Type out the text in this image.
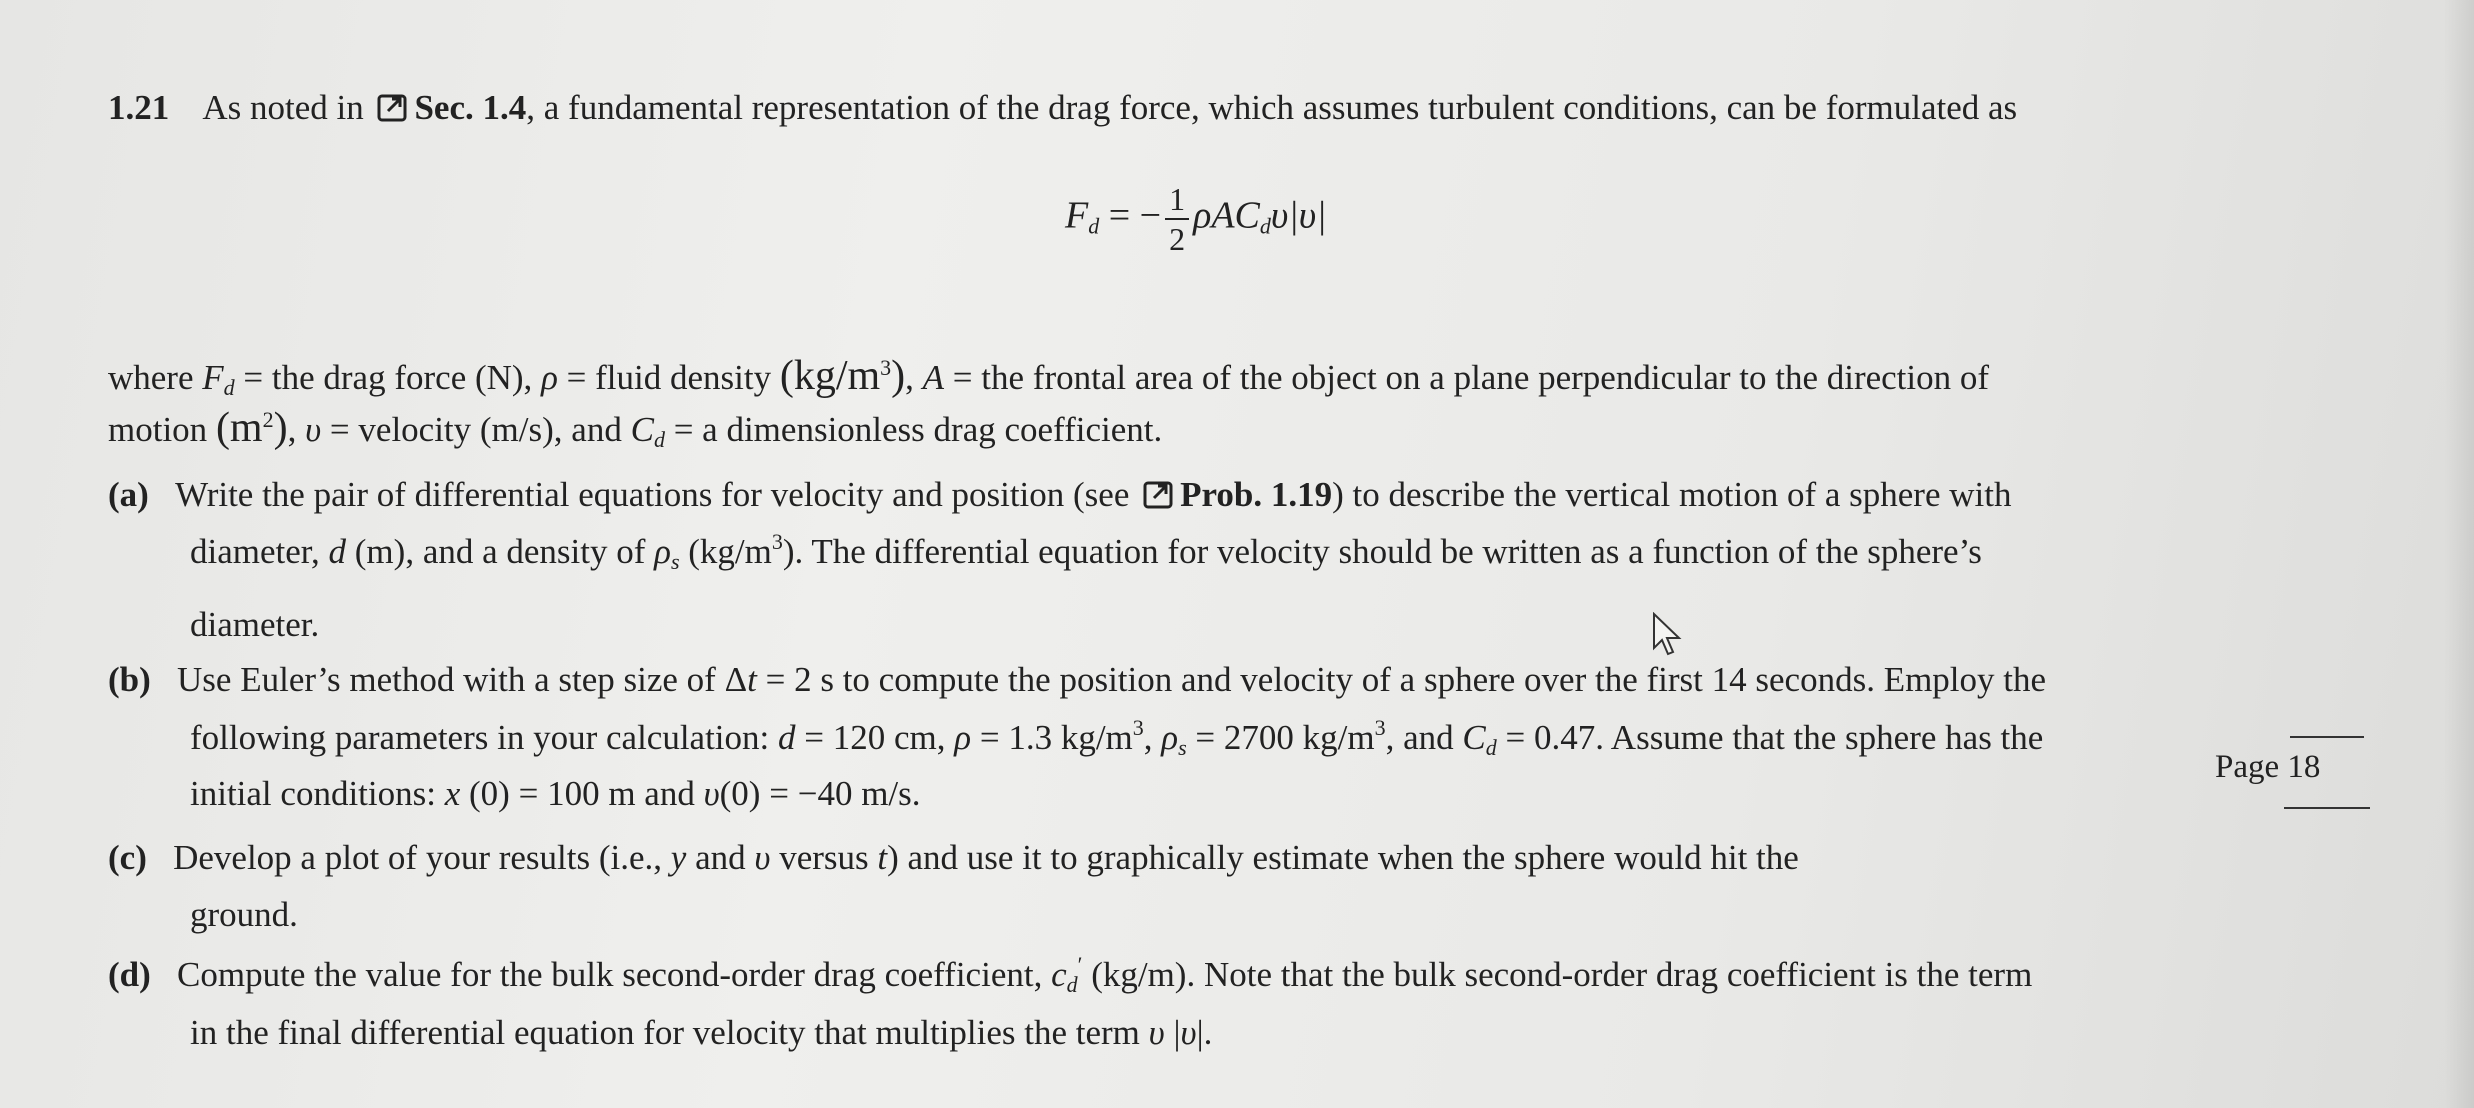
1.21 As noted in Sec. 1.4, a fundamental representation of the drag force, which assumes turbulent conditions, can be formulated as
$F_d$ = − $\frac{1}{2} \rho AC_d\upsilon|\upsilon|$
where $F_d$ = the drag force (N), ρ = fluid density $(kg/m^3)$, A = the frontal area of the object on a plane perpendicular to the direction of
motion $(m^2)$, υ = velocity (m/s), and $C_d = a$ dimensionless drag coefficient.
(a) Write the pair of differential equations for velocity and position (see Prob. 1.19) to describe the vertical motion of a sphere with
diameter, d (m), and a density of $\rho_s$ $(kg/m^3)$. The differential equation for velocity should be written as a function of the sphere’s
diameter.
(b) Use Euler’s method with a step size of Δt = 2 s to compute the position and velocity of a sphere over the first 14 seconds. Employ the
following parameters in your calculation: d = 120 cm, ρ = 1.3 $kg/m^3$, $\rho_s = 2700$ $kg/m^3$, and $C_d = 0.47$. Assume that the sphere has the
initial conditions: x (0) = 100 m and υ(0) = −40 m/s.
Page 18
(c) Develop a plot of your results (i.e., y and υ versus t) and use it to graphically estimate when the sphere would hit the
ground.
(d) Compute the value for the bulk second-order drag coefficient, $c_d'$ (kg/m). Note that the bulk second-order drag coefficient is the term
in the final differential equation for velocity that multiplies the term υ |υ|.
